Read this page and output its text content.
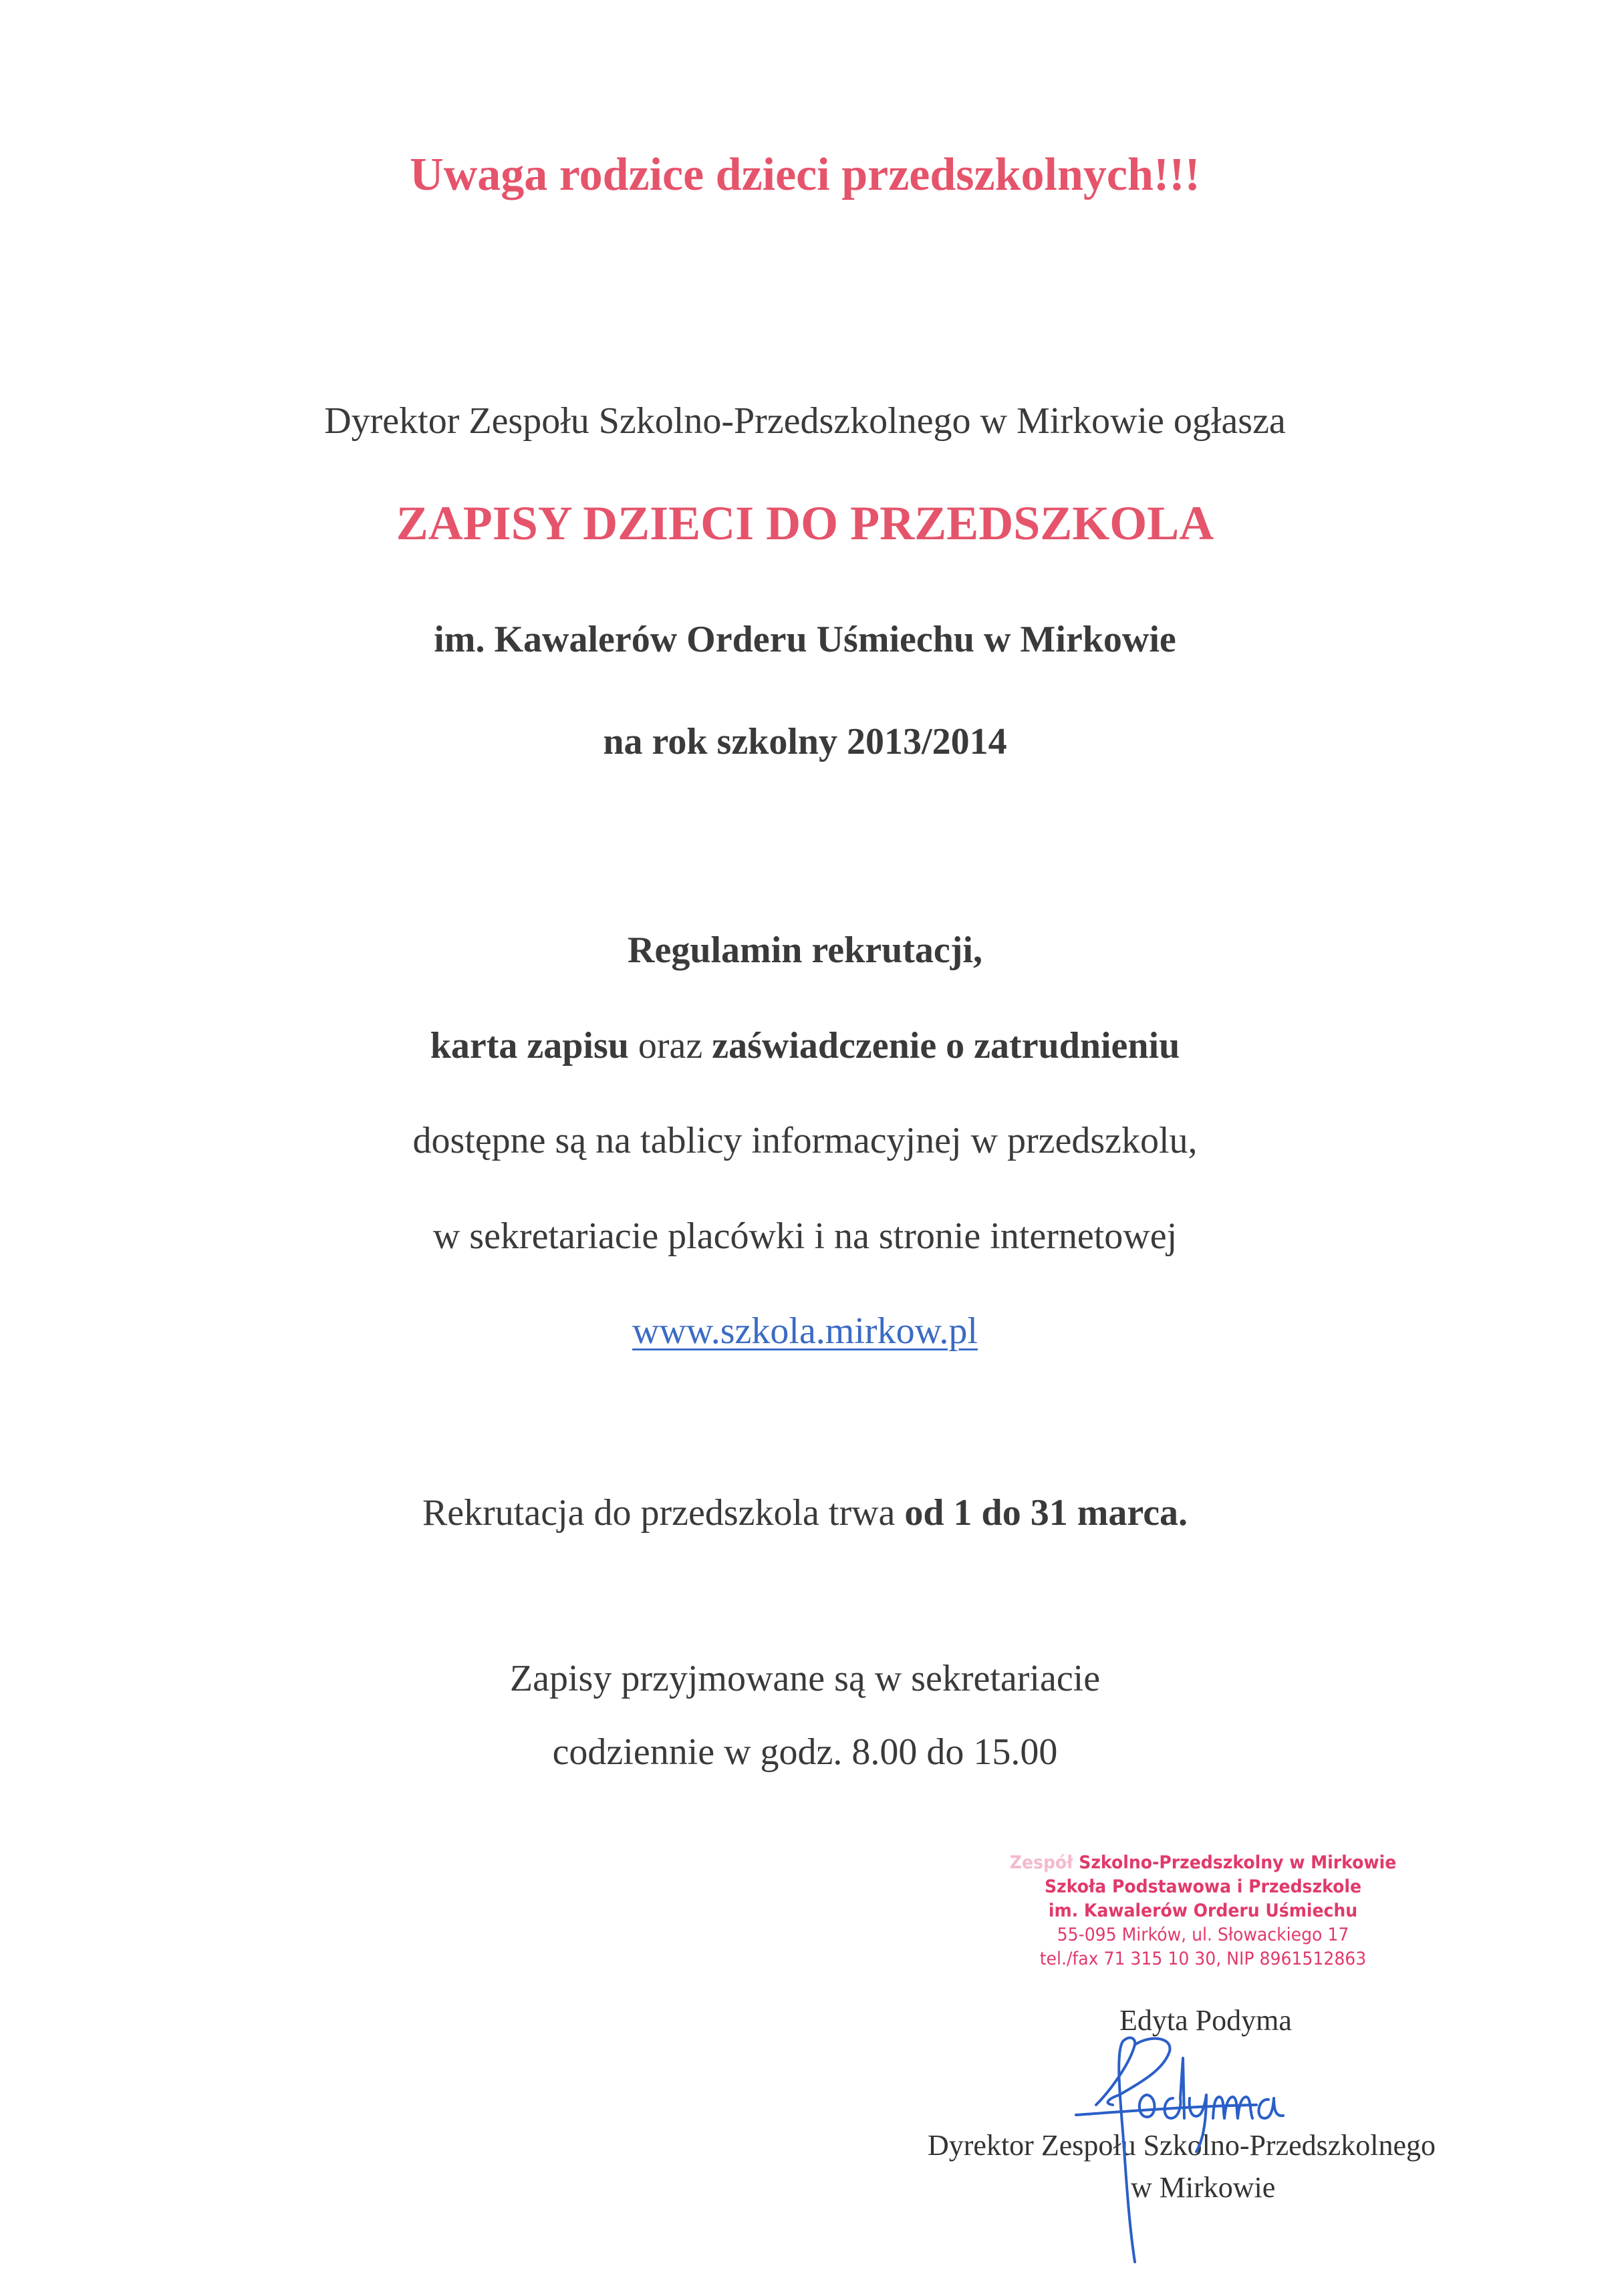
Uwaga rodzice dzieci przedszkolnych!!!
Dyrektor Zespołu Szkolno-Przedszkolnego w Mirkowie ogłasza
ZAPISY DZIECI DO PRZEDSZKOLA
im. Kawalerów Orderu Uśmiechu w Mirkowie
na rok szkolny 2013/2014
Regulamin rekrutacji,
karta zapisu oraz zaświadczenie o zatrudnieniu
dostępne są na tablicy informacyjnej w przedszkolu,
w sekretariacie placówki i na stronie internetowej
www.szkola.mirkow.pl
Rekrutacja do przedszkola trwa od 1 do 31 marca.
Zapisy przyjmowane są w sekretariacie
codziennie w godz. 8.00 do 15.00
Zespół Szkolno-Przedszkolny w Mirkowie
Szkoła Podstawowa i Przedszkole
im. Kawalerów Orderu Uśmiechu
55-095 Mirków, ul. Słowackiego 17
tel./fax 71 315 10 30, NIP 8961512863
Edyta Podyma
Dyrektor Zespołu Szkolno-Przedszkolnego
w Mirkowie
